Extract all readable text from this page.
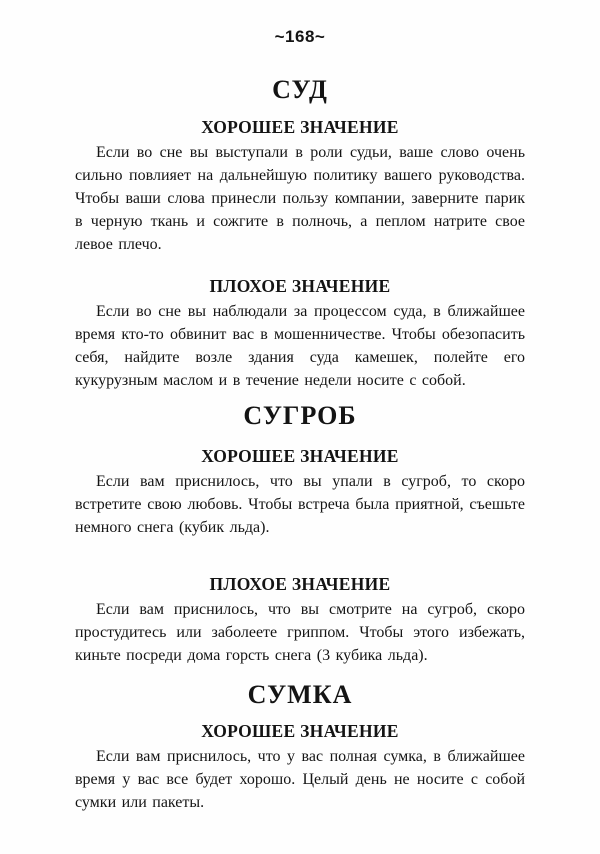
~168~
СУД
ХОРОШЕЕ ЗНАЧЕНИЕ

Если во сне вы выступали в роли судьи, ваше слово очень сильно повлияет на дальнейшую политику вашего руководства. Чтобы ваши слова принесли пользу компании, заверните парик в черную ткань и сожгите в полночь, а пеплом натрите свое левое плечо.

ПЛОХОЕ ЗНАЧЕНИЕ

Если во сне вы наблюдали за процессом суда, в ближайшее время кто-то обвинит вас в мошенничестве. Чтобы обезопасить себя, найдите возле здания суда камешек, полейте его кукурузным маслом и в течение недели носите с собой.

СУГРОБ
ХОРОШЕЕ ЗНАЧЕНИЕ

Если вам приснилось, что вы упали в сугроб, то скоро встретите свою любовь. Чтобы встреча была приятной, съешьте немного снега (кубик льда).

ПЛОХОЕ ЗНАЧЕНИЕ

Если вам приснилось, что вы смотрите на сугроб, скоро простудитесь или заболеете гриппом. Чтобы этого избежать, киньте посреди дома горсть снега (3 кубика льда).

СУМКА
ХОРОШЕЕ ЗНАЧЕНИЕ

Если вам приснилось, что у вас полная сумка, в ближайшее время у вас все будет хорошо. Целый день не носите с собой сумки или пакеты.
